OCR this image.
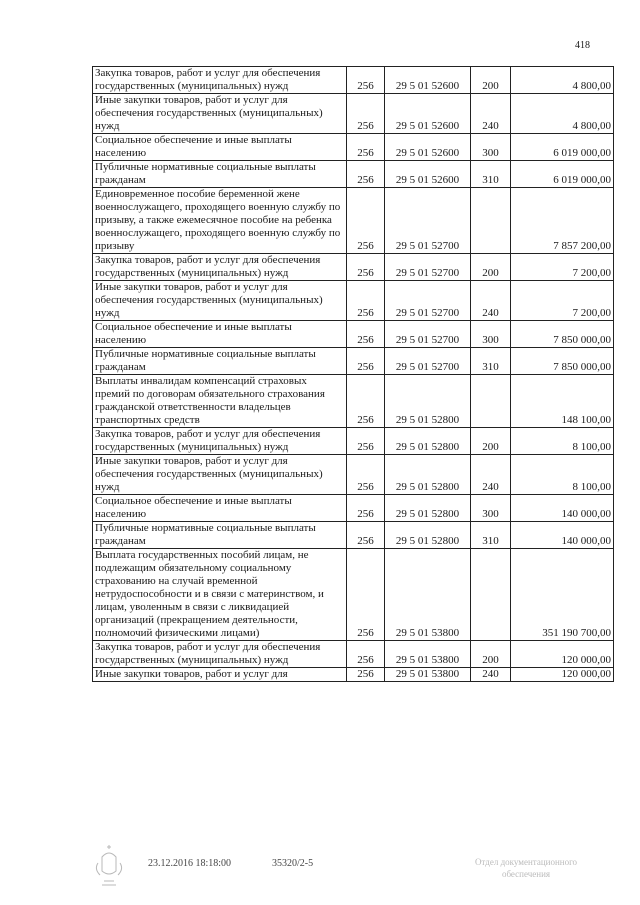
418
Закупка товаров, работ и услуг для обеспечения государственных (муниципальных) нужд	256	29 5 01 52600	200	4 800,00
Иные закупки товаров, работ и услуг для обеспечения государственных (муниципальных) нужд	256	29 5 01 52600	240	4 800,00
Социальное обеспечение и иные выплаты населению	256	29 5 01 52600	300	6 019 000,00
Публичные нормативные социальные выплаты гражданам	256	29 5 01 52600	310	6 019 000,00
Единовременное пособие беременной жене военнослужащего, проходящего военную службу по призыву, а также ежемесячное пособие на ребенка военнослужащего, проходящего военную службу по призыву	256	29 5 01 52700		7 857 200,00
Закупка товаров, работ и услуг для обеспечения государственных (муниципальных) нужд	256	29 5 01 52700	200	7 200,00
Иные закупки товаров, работ и услуг для обеспечения государственных (муниципальных) нужд	256	29 5 01 52700	240	7 200,00
Социальное обеспечение и иные выплаты населению	256	29 5 01 52700	300	7 850 000,00
Публичные нормативные социальные выплаты гражданам	256	29 5 01 52700	310	7 850 000,00
Выплаты инвалидам компенсаций страховых премий по договорам обязательного страхования гражданской ответственности владельцев транспортных средств	256	29 5 01 52800		148 100,00
Закупка товаров, работ и услуг для обеспечения государственных (муниципальных) нужд	256	29 5 01 52800	200	8 100,00
Иные закупки товаров, работ и услуг для обеспечения государственных (муниципальных) нужд	256	29 5 01 52800	240	8 100,00
Социальное обеспечение и иные выплаты населению	256	29 5 01 52800	300	140 000,00
Публичные нормативные социальные выплаты гражданам	256	29 5 01 52800	310	140 000,00
Выплата государственных пособий лицам, не подлежащим обязательному социальному страхованию на случай временной нетрудоспособности и в связи с материнством, и лицам, уволенным в связи с ликвидацией организаций (прекращением деятельности, полномочий физическими лицами)	256	29 5 01 53800		351 190 700,00
Закупка товаров, работ и услуг для обеспечения государственных (муниципальных) нужд	256	29 5 01 53800	200	120 000,00
Иные закупки товаров, работ и услуг для	256	29 5 01 53800	240	120 000,00
23.12.2016 18:18:00	35320/2-5	Отдел документационного
обеспечения
